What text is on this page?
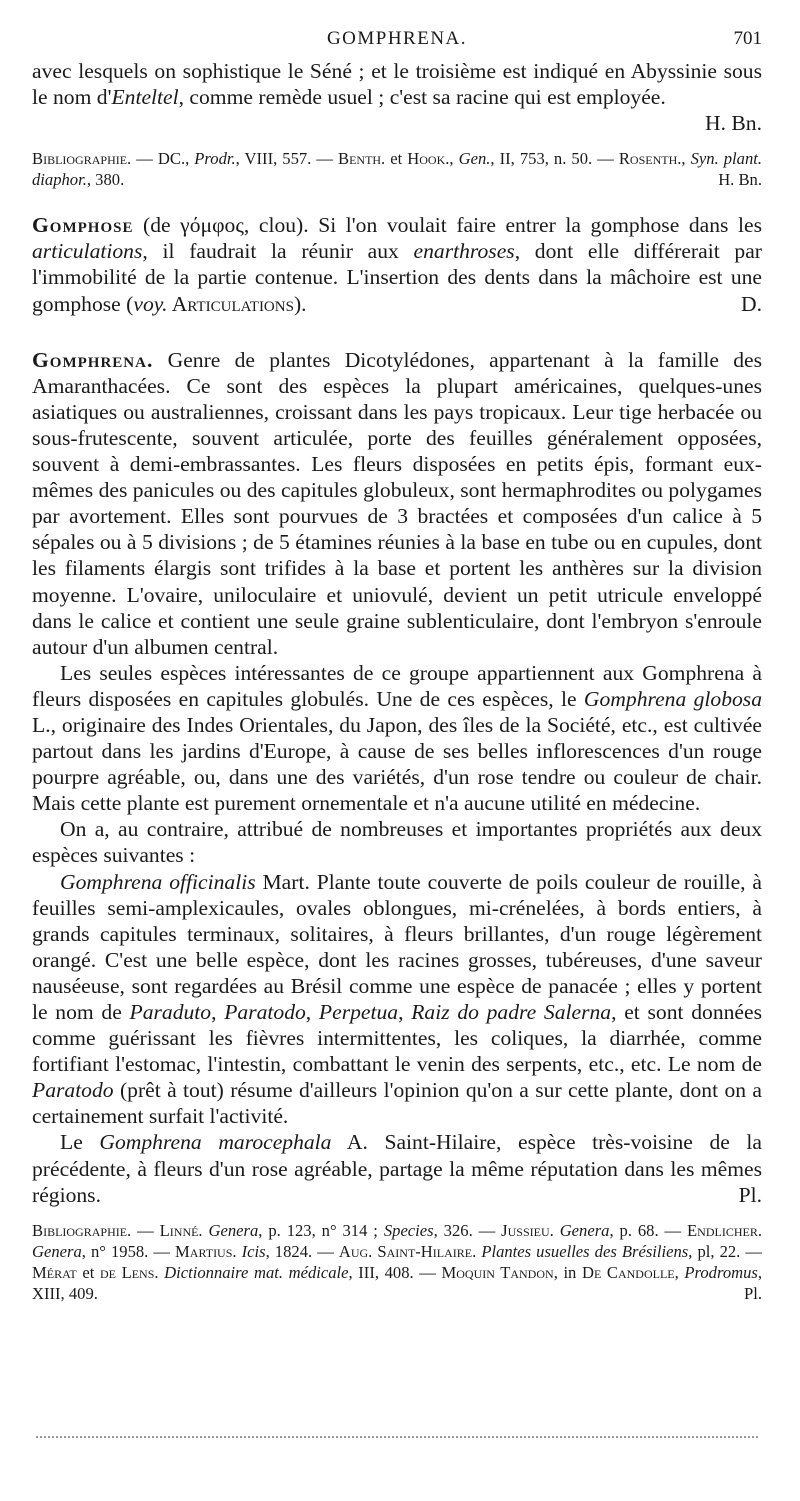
GOMPHRENA.	701

avec lesquels on sophistique le Séné ; et le troisième est indiqué en Abyssinie sous le nom d'Enteltel, comme remède usuel ; c'est sa racine qui est employée.

H. Bn.

Bibliographie. — DC., Prodr., VIII, 557. — Benth. et Hook., Gen., II, 753, n. 50. — Rosenth., Syn. plant. diaphor., 380.	H. Bn.

Gomphose (de γόμφος, clou). Si l'on voulait faire entrer la gomphose dans les articulations, il faudrait la réunir aux enarthroses, dont elle différerait par l'immobilité de la partie contenue. L'insertion des dents dans la mâchoire est une gomphose (voy. Articulations).	D.

Gomphrena. Genre de plantes Dicotylédones, appartenant à la famille des Amaranthacées. Ce sont des espèces la plupart américaines, quelques-unes asiatiques ou australiennes, croissant dans les pays tropicaux. Leur tige herbacée ou sous-frutescente, souvent articulée, porte des feuilles généralement opposées, souvent à demi-embrassantes. Les fleurs disposées en petits épis, formant eux-mêmes des panicules ou des capitules globuleux, sont hermaphrodites ou polygames par avortement. Elles sont pourvues de 3 bractées et composées d'un calice à 5 sépales ou à 5 divisions ; de 5 étamines réunies à la base en tube ou en cupules, dont les filaments élargis sont trifides à la base et portent les anthères sur la division moyenne. L'ovaire, uniloculaire et uniovulé, devient un petit utricule enveloppé dans le calice et contient une seule graine sublenticulaire, dont l'embryon s'enroule autour d'un albumen central.

Les seules espèces intéressantes de ce groupe appartiennent aux Gomphrena à fleurs disposées en capitules globulés. Une de ces espèces, le Gomphrena globosa L., originaire des Indes Orientales, du Japon, des îles de la Société, etc., est cultivée partout dans les jardins d'Europe, à cause de ses belles inflorescences d'un rouge pourpre agréable, ou, dans une des variétés, d'un rose tendre ou couleur de chair. Mais cette plante est purement ornementale et n'a aucune utilité en médecine.

On a, au contraire, attribué de nombreuses et importantes propriétés aux deux espèces suivantes :

Gomphrena officinalis Mart. Plante toute couverte de poils couleur de rouille, à feuilles semi-amplexicaules, ovales oblongues, mi-crénelées, à bords entiers, à grands capitules terminaux, solitaires, à fleurs brillantes, d'un rouge légèrement orangé. C'est une belle espèce, dont les racines grosses, tubéreuses, d'une saveur nauséeuse, sont regardées au Brésil comme une espèce de panacée ; elles y portent le nom de Paraduto, Paratodo, Perpetua, Raiz do padre Salerna, et sont données comme guérissant les fièvres intermittentes, les coliques, la diarrhée, comme fortifiant l'estomac, l'intestin, combattant le venin des serpents, etc., etc. Le nom de Paratodo (prêt à tout) résume d'ailleurs l'opinion qu'on a sur cette plante, dont on a certainement surfait l'activité.

Le Gomphrena marocephala A. Saint-Hilaire, espèce très-voisine de la précédente, à fleurs d'un rose agréable, partage la même réputation dans les mêmes régions.	Pl.

Bibliographie. — Linné. Genera, p. 123, n° 314 ; Species, 326. — Jussieu. Genera, p. 68. — Endlicher. Genera, n° 1958. — Martius. Icis, 1824. — Aug. Saint-Hilaire. Plantes usuelles des Brésiliens, pl, 22. — Mérat et de Lens. Dictionnaire mat. médicale, III, 408. — Moquin Tandon, in De Candolle, Prodromus, XIII, 409.	Pl.
